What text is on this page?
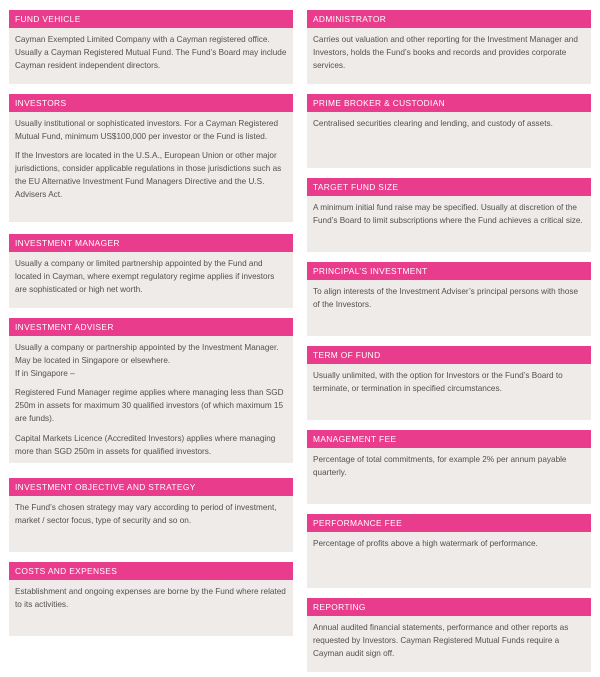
FUND VEHICLE

Cayman Exempted Limited Company with a Cayman registered office. Usually a Cayman Registered Mutual Fund. The Fund’s Board may include Cayman resident independent directors.

INVESTORS

Usually institutional or sophisticated investors. For a Cayman Registered Mutual Fund, minimum US$100,000 per investor or the Fund is listed.

If the Investors are located in the U.S.A., European Union or other major jurisdictions, consider applicable regulations in those jurisdictions such as the EU Alternative Investment Fund Managers Directive and the U.S. Advisers Act.

INVESTMENT MANAGER

Usually a company or limited partnership appointed by the Fund and located in Cayman, where exempt regulatory regime applies if investors are sophisticated or high net worth.

INVESTMENT ADVISER

Usually a company or partnership appointed by the Investment Manager. May be located in Singapore or elsewhere.

If in Singapore –

Registered Fund Manager regime applies where managing less than SGD 250m in assets for maximum 30 qualified investors (of which maximum 15 are funds).

Capital Markets Licence (Accredited Investors) applies where managing more than SGD 250m in assets for qualified investors.

INVESTMENT OBJECTIVE AND STRATEGY

The Fund’s chosen strategy may vary according to period of investment, market / sector focus, type of security and so on.

COSTS AND EXPENSES

Establishment and ongoing expenses are borne by the Fund where related to its activities.

ADMINISTRATOR

Carries out valuation and other reporting for the Investment Manager and Investors, holds the Fund’s books and records and provides corporate services.

PRIME BROKER & CUSTODIAN

Centralised securities clearing and lending, and custody of assets.

TARGET FUND SIZE

A minimum initial fund raise may be specified. Usually at discretion of the Fund’s Board to limit subscriptions where the Fund achieves a critical size.

PRINCIPAL’S INVESTMENT

To align interests of the Investment Adviser’s principal persons with those of the Investors.

TERM OF FUND

Usually unlimited, with the option for Investors or the Fund’s Board to terminate, or termination in specified circumstances.

MANAGEMENT FEE

Percentage of total commitments, for example 2% per annum payable quarterly.

PERFORMANCE FEE

Percentage of profits above a high watermark of performance.

REPORTING

Annual audited financial statements, performance and other reports as requested by Investors. Cayman Registered Mutual Funds require a Cayman audit sign off.
